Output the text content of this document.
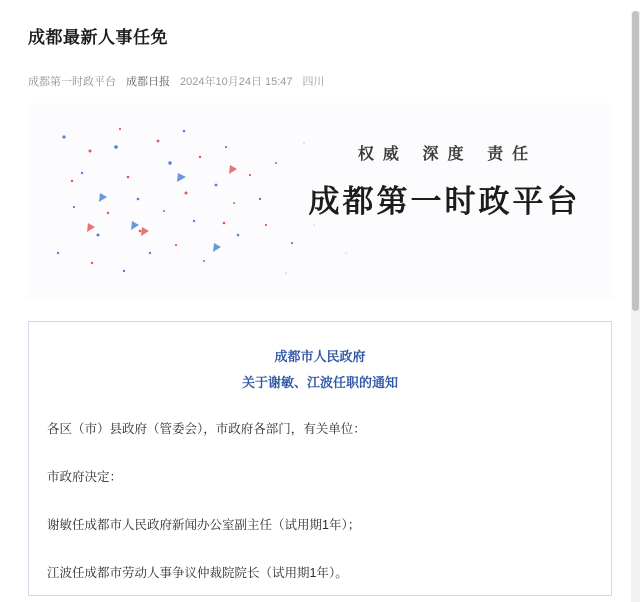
成都最新人事任免
成都第一时政平台 成都日报 2024年10月24日 15:47 四川
权威 深度 责任
成都第一时政平台
成都市人民政府
关于谢敏、江波任职的通知

各区（市）县政府（管委会），市政府各部门，有关单位：

市政府决定：

谢敏任成都市人民政府新闻办公室副主任（试用期1年）；

江波任成都市劳动人事争议仲裁院院长（试用期1年）。
